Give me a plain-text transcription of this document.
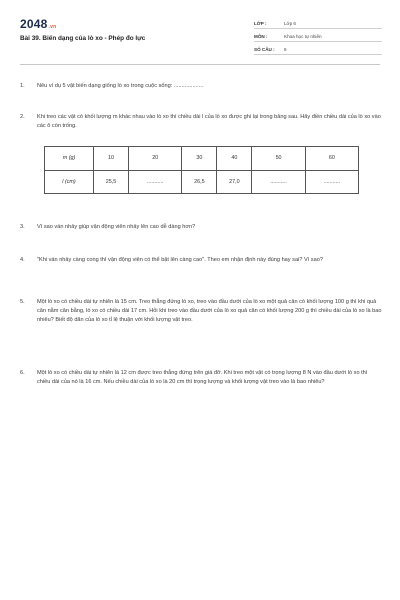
2048.vn
Bài 39. Biến dạng của lò xo - Phép đo lực
LỚP :	Lớp 6
MÔN :	Khoa học tự nhiên
SỐ CÂU :	6
1. Nêu ví dụ 5 vật biến dạng giống lò xo trong cuộc sống: ...................
2. Khi treo các vật có khối lượng m khác nhau vào lò xo thì chiều dài l của lò xo được ghi lại trong bảng sau. Hãy điền chiều dài của lò xo vào các ô còn trống.
m (g)	10	20	30	40	50	60
l (cm)	25,5	...........	26,5	27,0	...........	...........
3. Vì sao ván nhảy giúp vận động viên nhảy lên cao dễ dàng hơn?
4. "Khi ván nhảy càng cong thì vận động viên có thể bật lên càng cao". Theo em nhận định này đúng hay sai? Vì sao?
5. Một lò xo có chiều dài tự nhiên là 15 cm. Treo thẳng đứng lò xo, treo vào đầu dưới của lò xo một quả cân có khối lượng 100 g thì khi quả cân nằm cân bằng, lò xo có chiều dài 17 cm. Hỏi khi treo vào đầu dưới của lò xo quả cân có khối lượng 200 g thì chiều dài của lò xo là bao nhiêu? Biết độ dãn của lò xo tỉ lệ thuận với khối lượng vật treo.
6. Một lò xo có chiều dài tự nhiên là 12 cm được treo thẳng đứng trên giá đỡ. Khi treo một vật có trọng lượng 8 N vào đầu dưới lò xo thì chiều dài của nó là 16 cm. Nếu chiều dài của lò xo là 20 cm thì trọng lượng và khối lượng vật treo vào là bao nhiêu?
